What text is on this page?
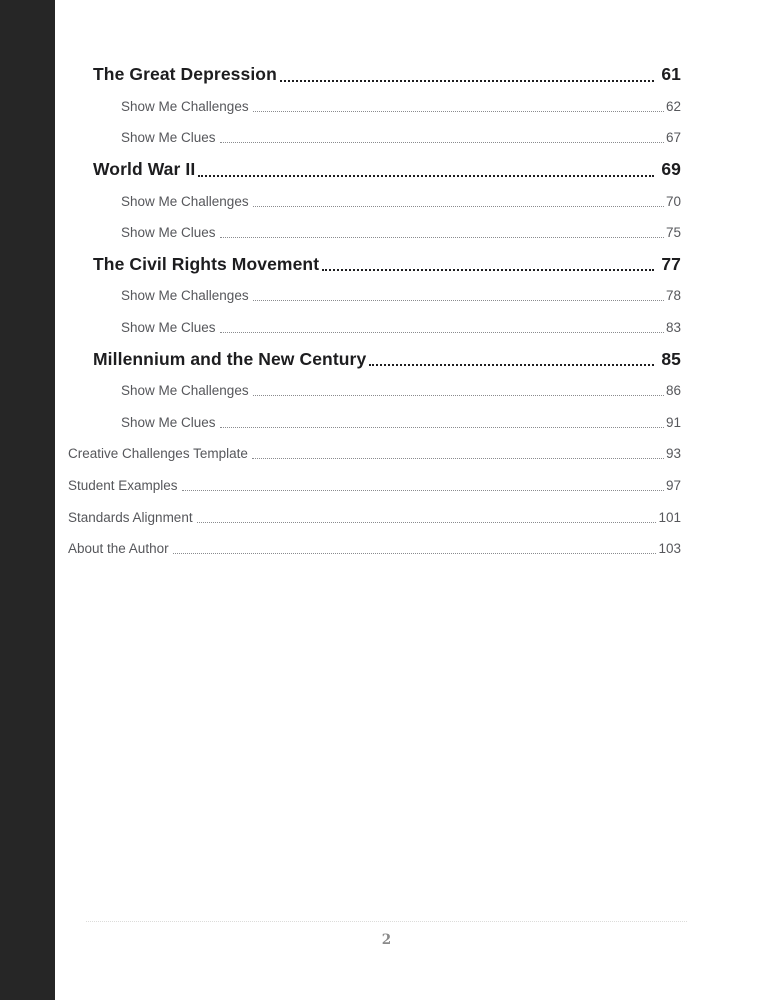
The Great Depression	61
Show Me Challenges	62
Show Me Clues	67
World War II	69
Show Me Challenges	70
Show Me Clues	75
The Civil Rights Movement	77
Show Me Challenges	78
Show Me Clues	83
Millennium and the New Century	85
Show Me Challenges	86
Show Me Clues	91
Creative Challenges Template	93
Student Examples	97
Standards Alignment	101
About the Author	103
2
